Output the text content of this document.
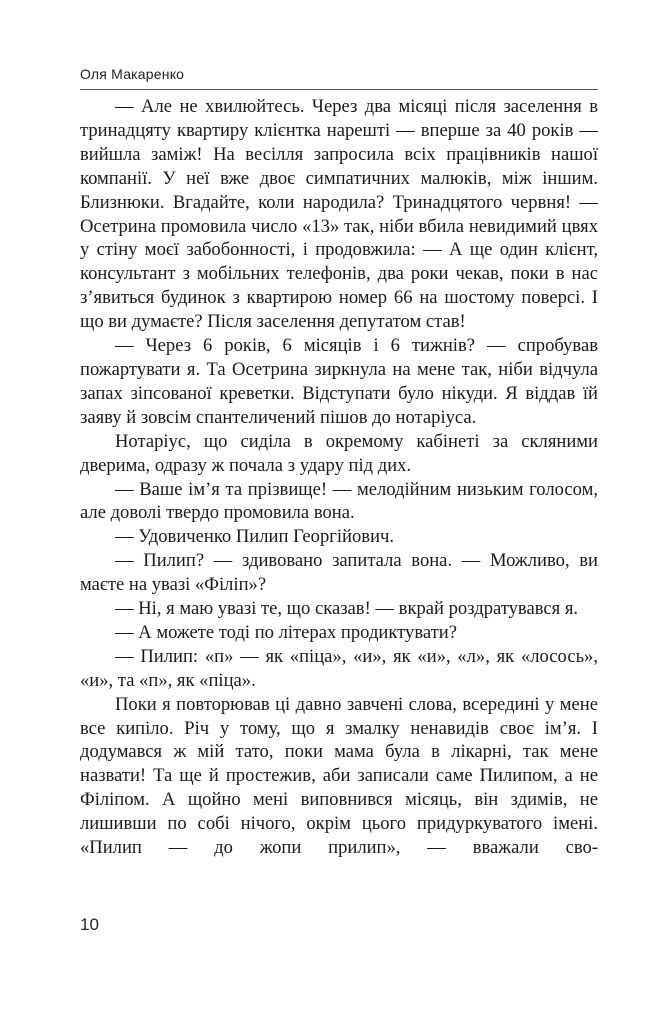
Оля Макаренко

— Але не хвилюйтесь. Через два місяці після заселення в тринадцяту квартиру клієнтка нарешті — вперше за 40 років — вийшла заміж! На весілля запросила всіх працівників нашої компанії. У неї вже двоє симпатичних малюків, між іншим. Близнюки. Вгадайте, коли народила? Тринадцятого червня! — Осетрина промовила число «13» так, ніби вбила невидимий цвях у стіну моєї забобонності, і продовжила: — А ще один клієнт, консультант з мобільних телефонів, два роки чекав, поки в нас з’явиться будинок з квартирою номер 66 на шостому поверсі. І що ви думаєте? Після заселення депутатом став!

— Через 6 років, 6 місяців і 6 тижнів? — спробував пожартувати я. Та Осетрина зиркнула на мене так, ніби відчула запах зіпсованої креветки. Відступати було нікуди. Я віддав їй заяву й зовсім спантеличений пішов до нотаріуса.

Нотаріус, що сиділа в окремому кабінеті за скляними дверима, одразу ж почала з удару під дих.

— Ваше ім’я та прізвище! — мелодійним низьким голосом, але доволі твердо промовила вона.

— Удовиченко Пилип Георгійович.

— Пилип? — здивовано запитала вона. — Можливо, ви маєте на увазі «Філіп»?

— Ні, я маю увазі те, що сказав! — вкрай роздратувався я.

— А можете тоді по літерах продиктувати?

— Пилип: «п» — як «піца», «и», як «и», «л», як «лосось», «и», та «п», як «піца».

Поки я повторював ці давно завчені слова, всередині у мене все кипіло. Річ у тому, що я змалку ненавидів своє ім’я. І додумався ж мій тато, поки мама була в лікарні, так мене назвати! Та ще й простежив, аби записали саме Пилипом, а не Філіпом. А щойно мені виповнився місяць, він здимів, не лишивши по собі нічого, окрім цього придуркуватого імені. «Пилип — до жопи прилип», — вважали сво-

10
